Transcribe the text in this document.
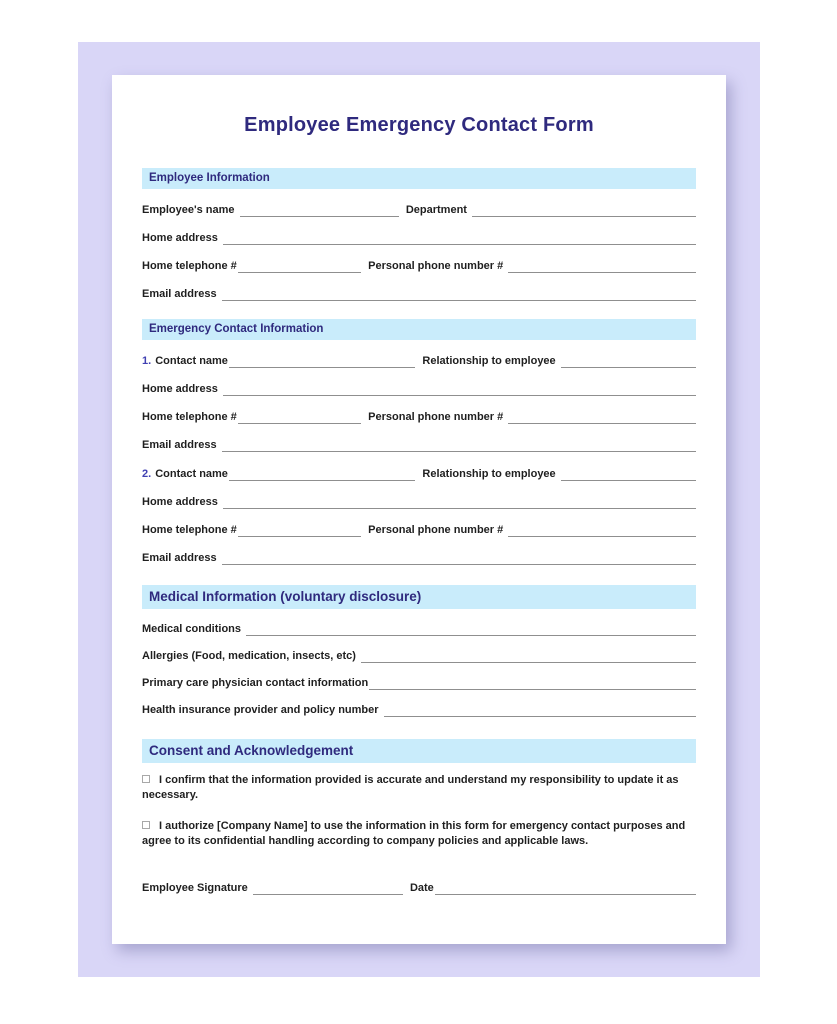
Employee Emergency Contact Form
Employee Information
Employee's name	Department
Home address
Home telephone #	Personal phone number #
Email address
Emergency Contact Information
1. Contact name	Relationship to employee
Home address
Home telephone #	Personal phone number #
Email address
2. Contact name	Relationship to employee
Home address
Home telephone #	Personal phone number #
Email address
Medical Information (voluntary disclosure)
Medical conditions
Allergies (Food, medication, insects, etc)
Primary care physician contact information
Health insurance provider and policy number
Consent and Acknowledgement
I confirm that the information provided is accurate and understand my responsibility to update it as necessary.
I authorize [Company Name] to use the information in this form for emergency contact purposes and agree to its confidential handling according to company policies and applicable laws.
Employee Signature	Date
